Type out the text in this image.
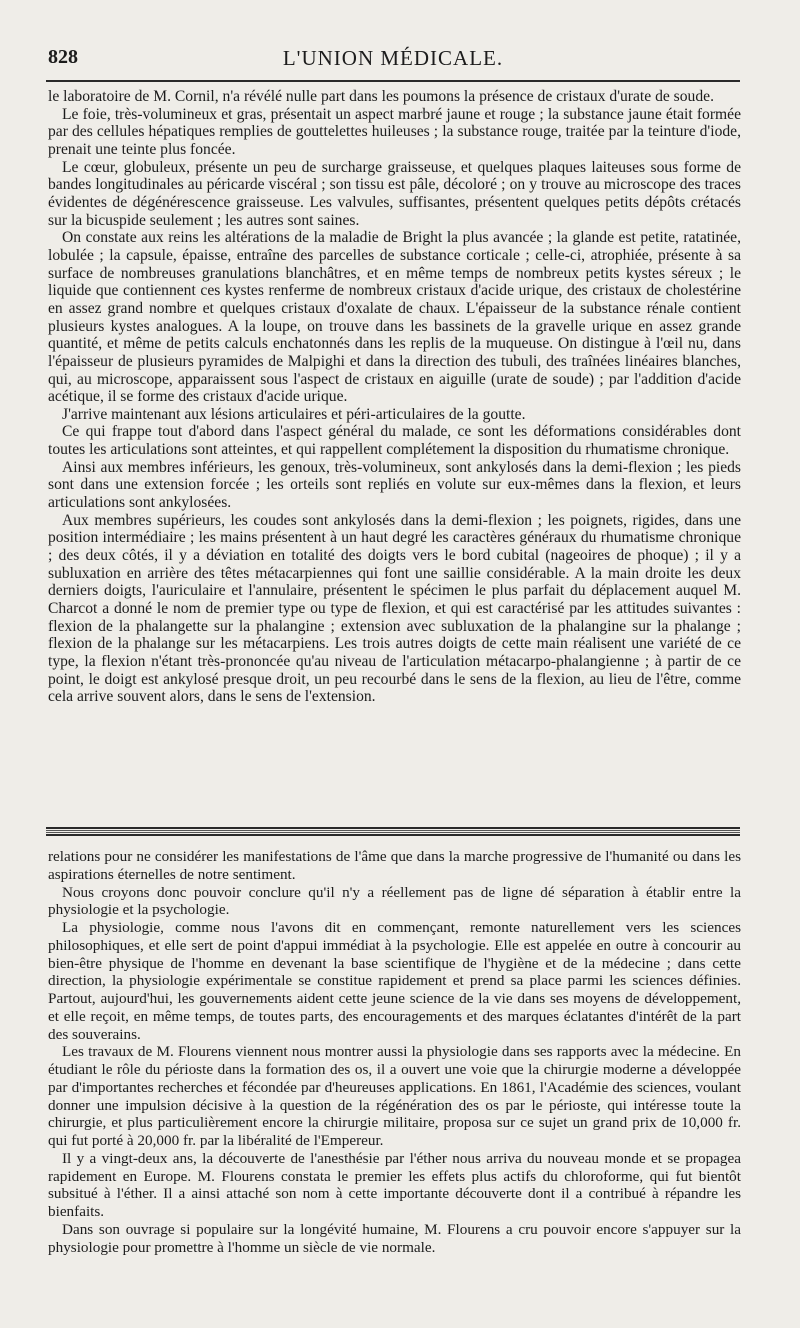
828	L'UNION MÉDICALE.

le laboratoire de M. Cornil, n'a révélé nulle part dans les poumons la présence de cristaux d'urate de soude.

Le foie, très-volumineux et gras, présentait un aspect marbré jaune et rouge ; la substance jaune était formée par des cellules hépatiques remplies de gouttelettes huileuses ; la substance rouge, traitée par la teinture d'iode, prenait une teinte plus foncée.

Le cœur, globuleux, présente un peu de surcharge graisseuse, et quelques plaques laiteuses sous forme de bandes longitudinales au péricarde viscéral ; son tissu est pâle, décoloré ; on y trouve au microscope des traces évidentes de dégénérescence graisseuse. Les valvules, suffisantes, présentent quelques petits dépôts crétacés sur la bicuspide seulement ; les autres sont saines.

On constate aux reins les altérations de la maladie de Bright la plus avancée ; la glande est petite, ratatinée, lobulée ; la capsule, épaisse, entraîne des parcelles de substance corticale ; celle-ci, atrophiée, présente à sa surface de nombreuses granulations blanchâtres, et en même temps de nombreux petits kystes séreux ; le liquide que contiennent ces kystes renferme de nombreux cristaux d'acide urique, des cristaux de cholestérine en assez grand nombre et quelques cristaux d'oxalate de chaux. L'épaisseur de la substance rénale contient plusieurs kystes analogues. A la loupe, on trouve dans les bassinets de la gravelle urique en assez grande quantité, et même de petits calculs enchatonnés dans les replis de la muqueuse. On distingue à l'œil nu, dans l'épaisseur de plusieurs pyramides de Malpighi et dans la direction des tubuli, des traînées linéaires blanches, qui, au microscope, apparaissent sous l'aspect de cristaux en aiguille (urate de soude) ; par l'addition d'acide acétique, il se forme des cristaux d'acide urique.

J'arrive maintenant aux lésions articulaires et péri-articulaires de la goutte.

Ce qui frappe tout d'abord dans l'aspect général du malade, ce sont les déformations considérables dont toutes les articulations sont atteintes, et qui rappellent complétement la disposition du rhumatisme chronique.

Ainsi aux membres inférieurs, les genoux, très-volumineux, sont ankylosés dans la demi-flexion ; les pieds sont dans une extension forcée ; les orteils sont repliés en volute sur eux-mêmes dans la flexion, et leurs articulations sont ankylosées.

Aux membres supérieurs, les coudes sont ankylosés dans la demi-flexion ; les poignets, rigides, dans une position intermédiaire ; les mains présentent à un haut degré les caractères généraux du rhumatisme chronique ; des deux côtés, il y a déviation en totalité des doigts vers le bord cubital (nageoires de phoque) ; il y a subluxation en arrière des têtes métacarpiennes qui font une saillie considérable. A la main droite les deux derniers doigts, l'auriculaire et l'annulaire, présentent le spécimen le plus parfait du déplacement auquel M. Charcot a donné le nom de premier type ou type de flexion, et qui est caractérisé par les attitudes suivantes : flexion de la phalangette sur la phalangine ; extension avec subluxation de la phalangine sur la phalange ; flexion de la phalange sur les métacarpiens. Les trois autres doigts de cette main réalisent une variété de ce type, la flexion n'étant très-prononcée qu'au niveau de l'articulation métacarpo-phalangienne ; à partir de ce point, le doigt est ankylosé presque droit, un peu recourbé dans le sens de la flexion, au lieu de l'être, comme cela arrive souvent alors, dans le sens de l'extension.

relations pour ne considérer les manifestations de l'âme que dans la marche progressive de l'humanité ou dans les aspirations éternelles de notre sentiment.

Nous croyons donc pouvoir conclure qu'il n'y a réellement pas de ligne dé séparation à établir entre la physiologie et la psychologie.

La physiologie, comme nous l'avons dit en commençant, remonte naturellement vers les sciences philosophiques, et elle sert de point d'appui immédiat à la psychologie. Elle est appelée en outre à concourir au bien-être physique de l'homme en devenant la base scientifique de l'hygiène et de la médecine ; dans cette direction, la physiologie expérimentale se constitue rapidement et prend sa place parmi les sciences définies. Partout, aujourd'hui, les gouvernements aident cette jeune science de la vie dans ses moyens de développement, et elle reçoit, en même temps, de toutes parts, des encouragements et des marques éclatantes d'intérêt de la part des souverains.

Les travaux de M. Flourens viennent nous montrer aussi la physiologie dans ses rapports avec la médecine. En étudiant le rôle du périoste dans la formation des os, il a ouvert une voie que la chirurgie moderne a développée par d'importantes recherches et fécondée par d'heureuses applications. En 1861, l'Académie des sciences, voulant donner une impulsion décisive à la question de la régénération des os par le périoste, qui intéresse toute la chirurgie, et plus particulièrement encore la chirurgie militaire, proposa sur ce sujet un grand prix de 10,000 fr. qui fut porté à 20,000 fr. par la libéralité de l'Empereur.

Il y a vingt-deux ans, la découverte de l'anesthésie par l'éther nous arriva du nouveau monde et se propagea rapidement en Europe. M. Flourens constata le premier les effets plus actifs du chloroforme, qui fut bientôt subsitué à l'éther. Il a ainsi attaché son nom à cette importante découverte dont il a contribué à répandre les bienfaits.

Dans son ouvrage si populaire sur la longévité humaine, M. Flourens a cru pouvoir encore s'appuyer sur la physiologie pour promettre à l'homme un siècle de vie normale.
